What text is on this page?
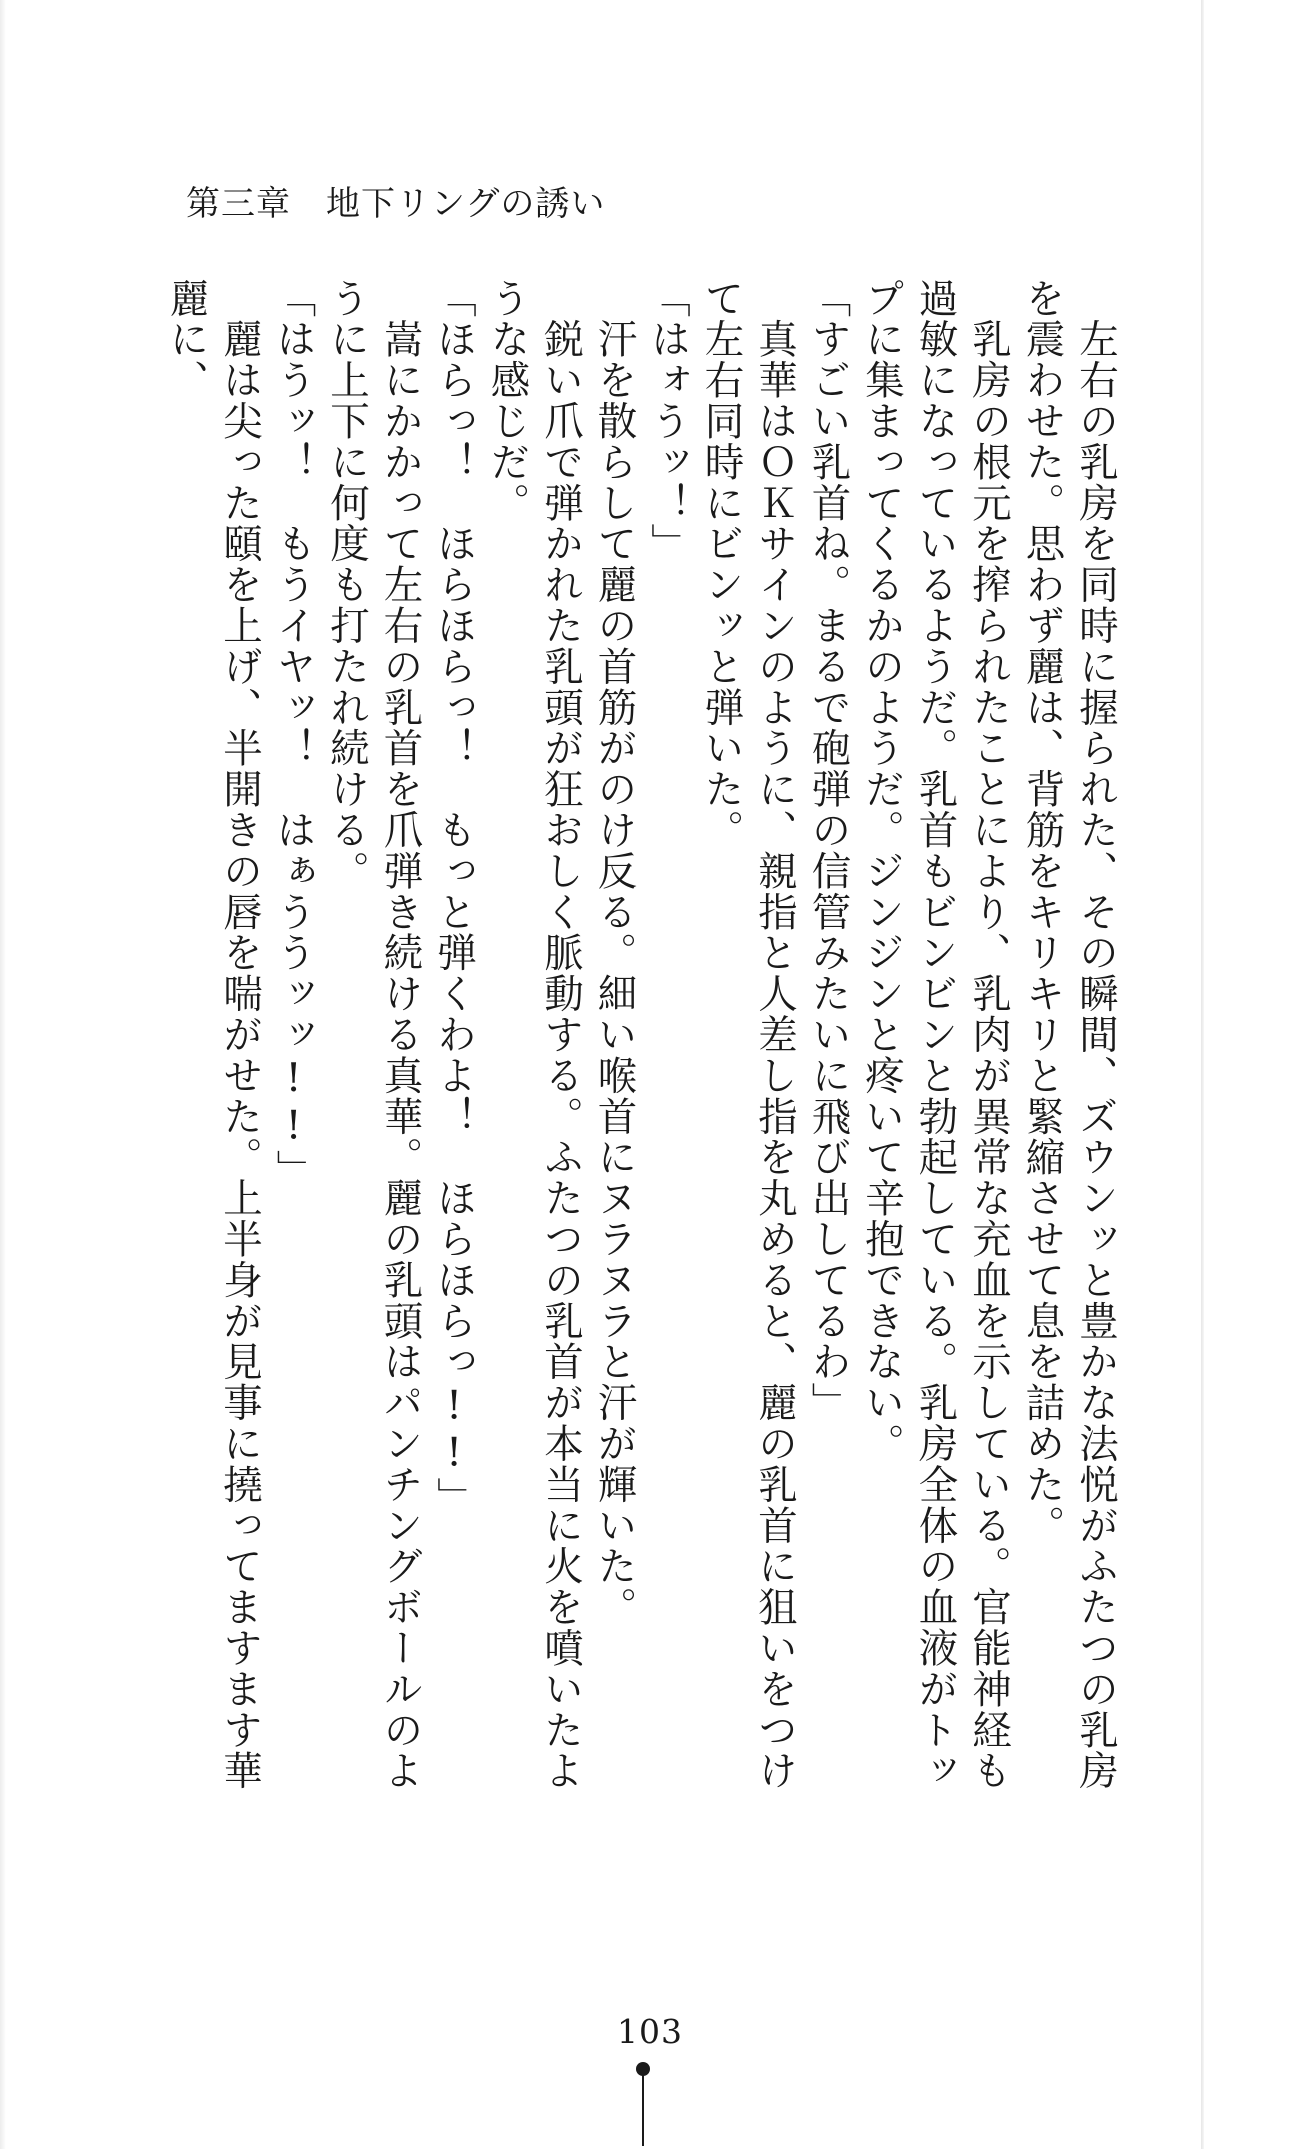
第三章　地下リングの誘い

　左右の乳房を同時に握られた、その瞬間、ズウンッと豊かな法悦がふたつの乳房を震わせた。思わず麗は、背筋をキリキリと緊縮させて息を詰めた。

　乳房の根元を搾られたことにより、乳肉が異常な充血を示している。官能神経も過敏になっているようだ。乳首もビンビンと勃起している。乳房全体の血液がトップに集まってくるかのようだ。ジンジンと疼いて辛抱できない。

「すごい乳首ね。まるで砲弾の信管みたいに飛び出してるわ」

　真華はＯＫサインのように、親指と人差し指を丸めると、麗の乳首に狙いをつけて左右同時にビンッと弾いた。

「はォうッ！」

　汗を散らして麗の首筋がのけ反る。細い喉首にヌラヌラと汗が輝いた。

　鋭い爪で弾かれた乳頭が狂おしく脈動する。ふたつの乳首が本当に火を噴いたような感じだ。

「ほらっ！　ほらほらっ！　もっと弾くわよ！　ほらほらっ!!」

　嵩にかかって左右の乳首を爪弾き続ける真華。麗の乳頭はパンチングボールのように上下に何度も打たれ続ける。

「はうッ！　もうイヤッ！　はぁううッッ!!」

　麗は尖った頤を上げ、半開きの唇を喘がせた。上半身が見事に撓ってますます華麗に、

103
